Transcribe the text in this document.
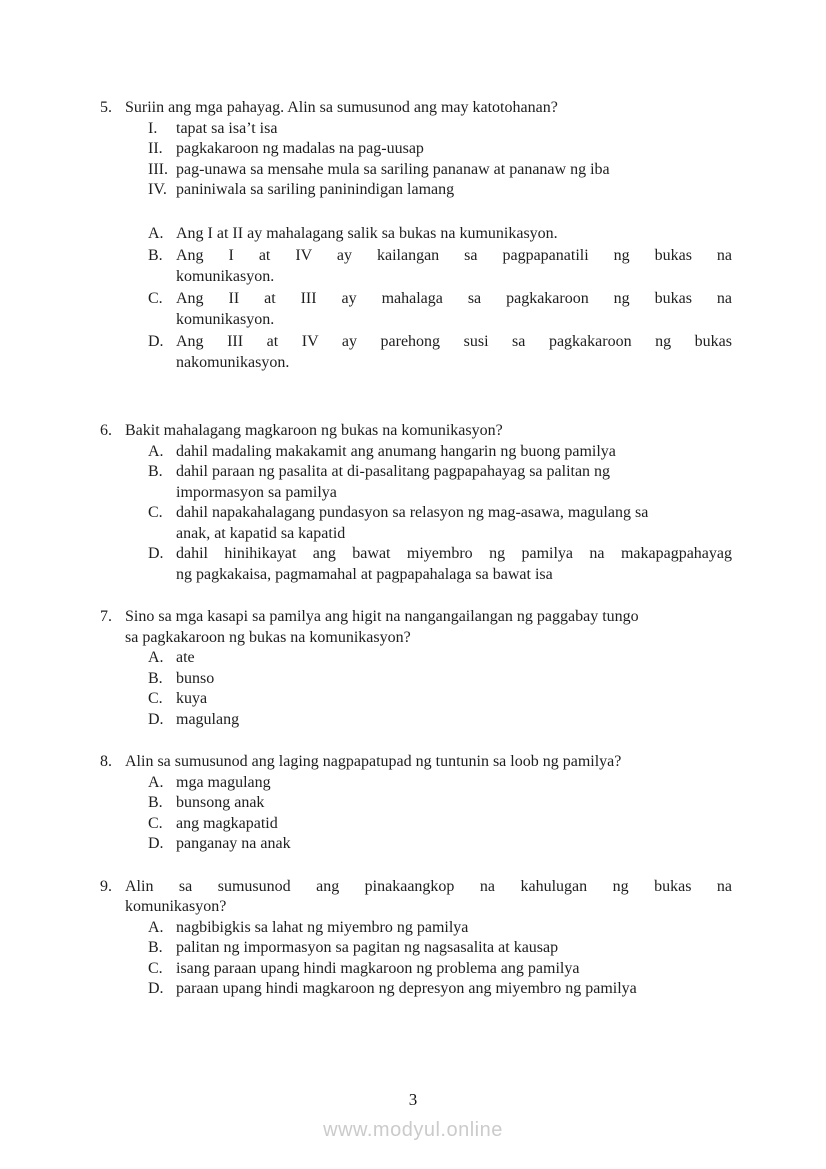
5. Suriin ang mga pahayag. Alin sa sumusunod ang may katotohanan?
I.	tapat sa isa’t isa
II. pagkakaroon ng madalas na pag-uusap
III. pag-unawa sa mensahe mula sa sariling pananaw at pananaw ng iba
IV. paniniwala sa sariling paninindigan lamang
A. Ang I at II ay mahalagang salik sa bukas na kumunikasyon.
B. Ang I at IV ay kailangan sa pagpapanatili ng bukas na
komunikasyon.
C. Ang II at III ay mahalaga sa pagkakaroon ng bukas na
komunikasyon.
D. Ang III at IV ay parehong susi sa pagkakaroon ng bukas
nakomunikasyon.
6. Bakit mahalagang magkaroon ng bukas na komunikasyon?
A. dahil madaling makakamit ang anumang hangarin ng buong pamilya
B. dahil paraan ng pasalita at di-pasalitang pagpapahayag sa palitan ng
impormasyon sa pamilya
C. dahil napakahalagang pundasyon sa relasyon ng mag-asawa, magulang sa
anak, at kapatid sa kapatid
D. dahil hinihikayat ang bawat miyembro ng pamilya na makapagpahayag
ng pagkakaisa, pagmamahal at pagpapahalaga sa bawat isa
7. Sino sa mga kasapi sa pamilya ang higit na nangangailangan ng paggabay tungo
sa pagkakaroon ng bukas na komunikasyon?
A. ate
B. bunso
C. kuya
D. magulang
8. Alin sa sumusunod ang laging nagpapatupad ng tuntunin sa loob ng pamilya?
A. mga magulang
B. bunsong anak
C. ang magkapatid
D. panganay na anak
9. Alin sa sumusunod ang pinakaangkop na kahulugan ng bukas na
komunikasyon?
A. nagbibigkis sa lahat ng miyembro ng pamilya
B. palitan ng impormasyon sa pagitan ng nagsasalita at kausap
C. isang paraan upang hindi magkaroon ng problema ang pamilya
D. paraan upang hindi magkaroon ng depresyon ang miyembro ng pamilya
3
www.modyul.online
